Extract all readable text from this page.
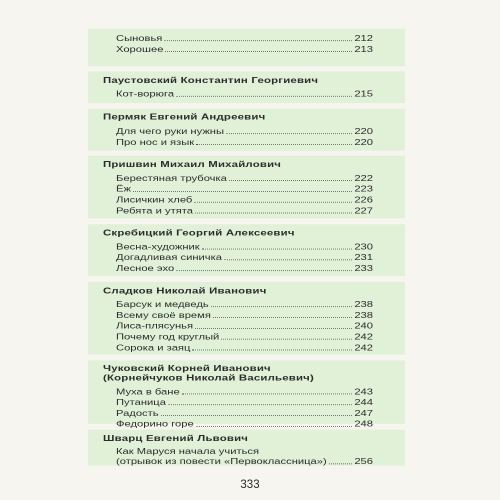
Сыновья	212
Хорошее	213
Паустовский Константин Георгиевич
Кот-ворюга	215
Пермяк Евгений Андреевич
Для чего руки нужны	220
Про нос и язык	220
Пришвин Михаил Михайлович
Берестяная трубочка	222
Ёж	223
Лисичкин хлеб	226
Ребята и утята	227
Скребицкий Георгий Алексеевич
Весна-художник	230
Догадливая синичка	231
Лесное эхо	233
Сладков Николай Иванович
Барсук и медведь	238
Всему своё время	238
Лиса-плясунья	240
Почему год круглый	242
Сорока и заяц	242
Чуковский Корней Иванович
(Корнейчуков Николай Васильевич)
Муха в бане	243
Путаница	244
Радость	247
Федорино горе	248
Шварц Евгений Львович
Как Маруся начала учиться
(отрывок из повести «Первоклассница») 256
333
